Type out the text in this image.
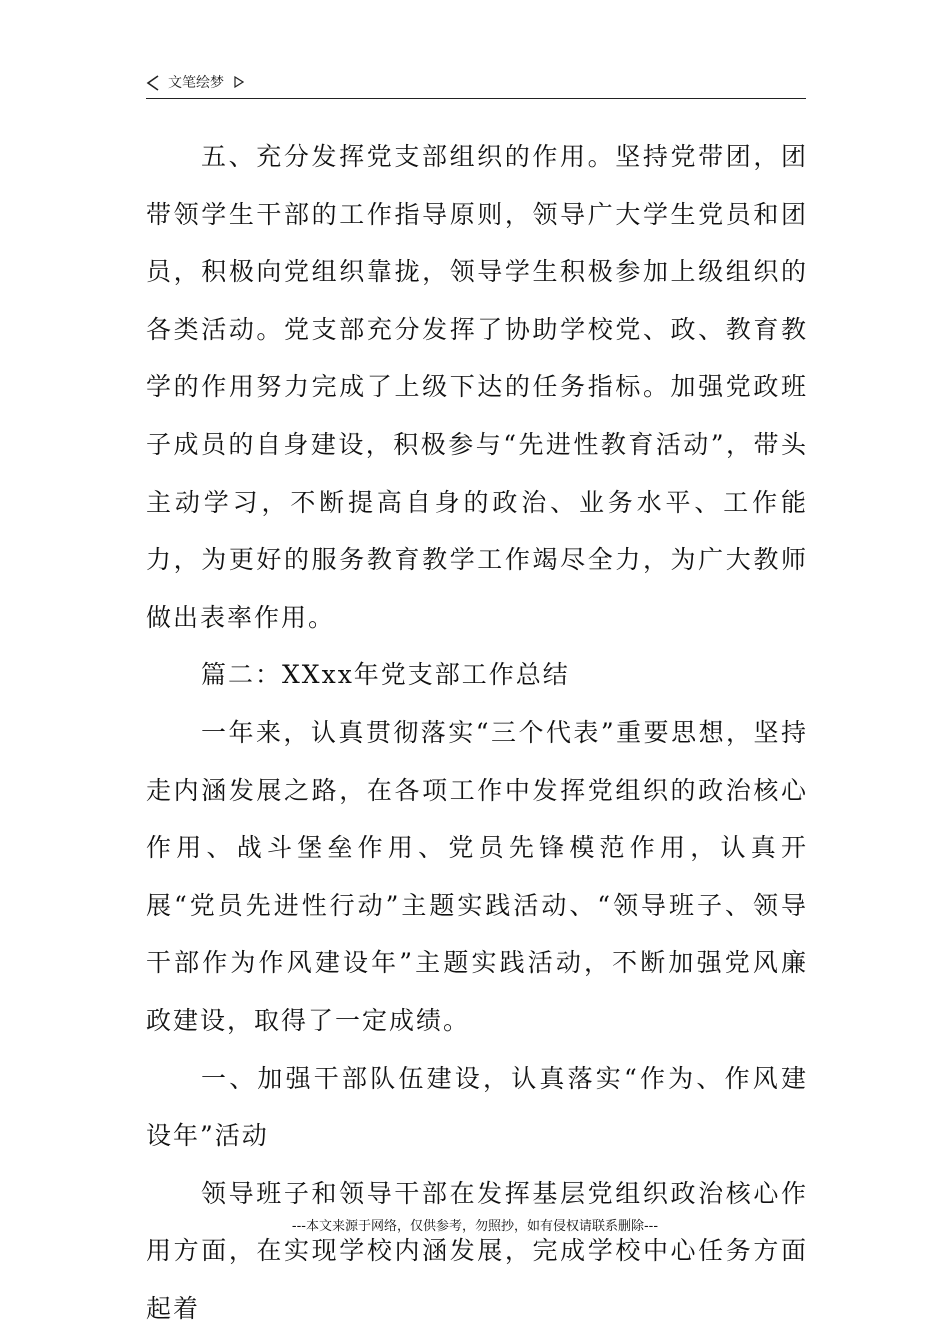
文笔绘梦

五、充分发挥党支部组织的作用。坚持党带团，团带领学生干部的工作指导原则，领导广大学生党员和团员，积极向党组织靠拢，领导学生积极参加上级组织的各类活动。党支部充分发挥了协助学校党、政、教育教学的作用努力完成了上级下达的任务指标。加强党政班子成员的自身建设，积极参与“先进性教育活动”，带头主动学习，不断提高自身的政治、业务水平、工作能力，为更好的服务教育教学工作竭尽全力，为广大教师做出表率作用。

篇二：XXxx年党支部工作总结

一年来，认真贯彻落实“三个代表”重要思想，坚持走内涵发展之路，在各项工作中发挥党组织的政治核心作用、战斗堡垒作用、党员先锋模范作用，认真开展“党员先进性行动”主题实践活动、“领导班子、领导干部作为作风建设年”主题实践活动，不断加强党风廉政建设，取得了一定成绩。

一、加强干部队伍建设，认真落实“作为、作风建设年”活动

领导班子和领导干部在发挥基层党组织政治核心作用方面，在实现学校内涵发展，完成学校中心任务方面起着

---本文来源于网络，仅供参考，勿照抄，如有侵权请联系删除---
